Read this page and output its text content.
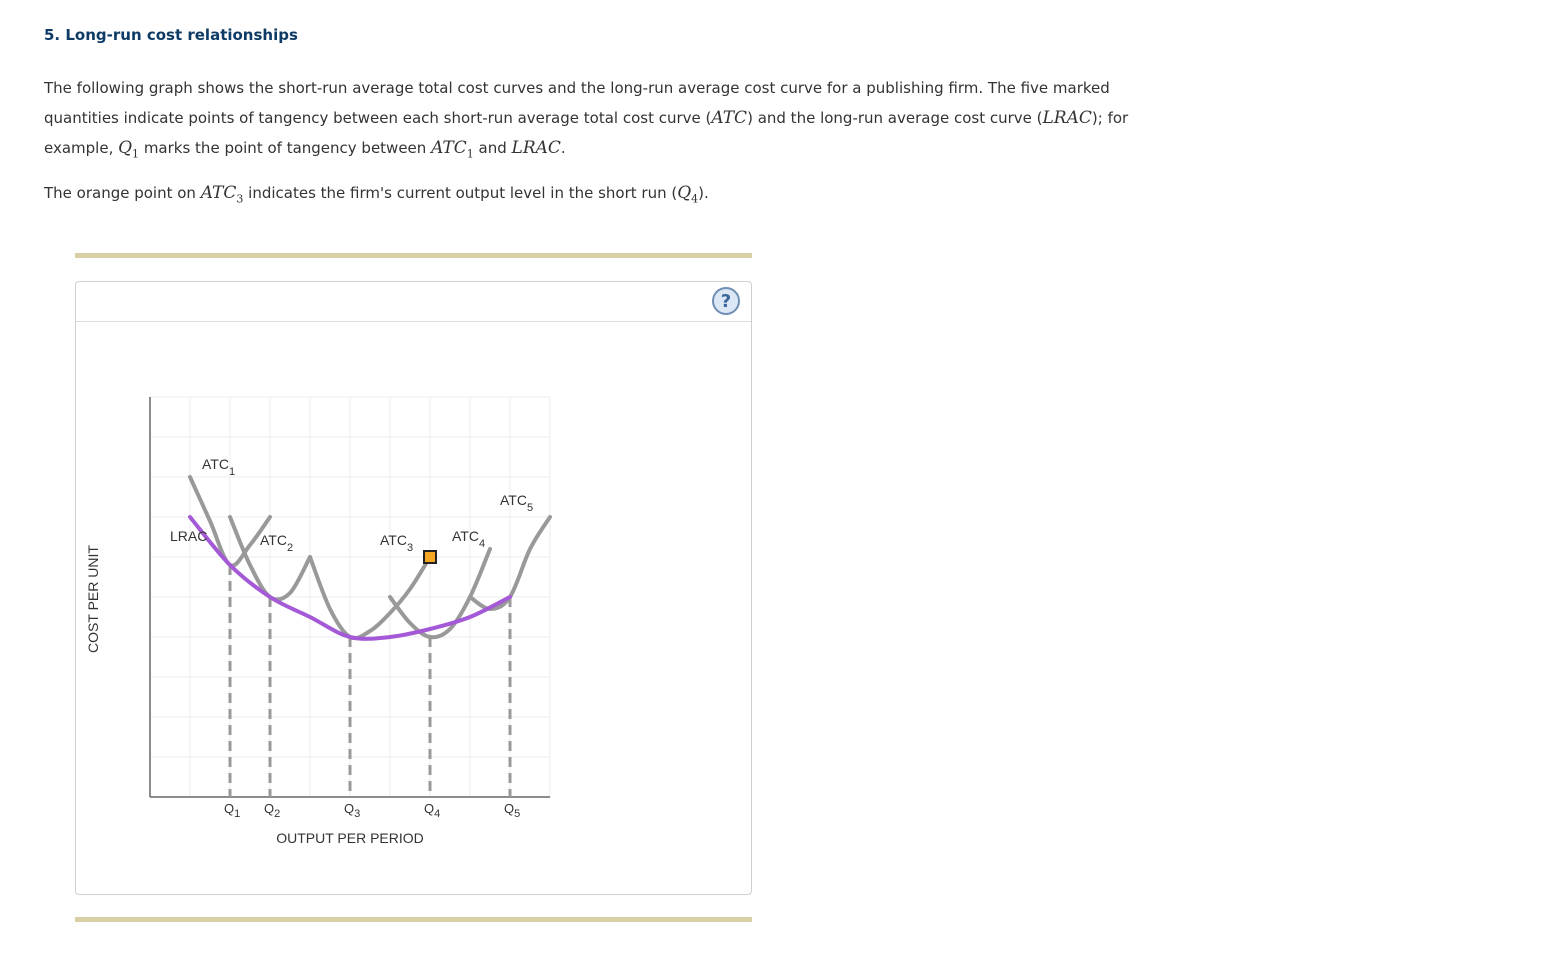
5. Long-run cost relationships

The following graph shows the short-run average total cost curves and the long-run average cost curve for a publishing firm. The five marked quantities indicate points of tangency between each short-run average total cost curve (ATC) and the long-run average cost curve (LRAC); for example, $Q_1$ marks the point of tangency between $ATC_1$ and LRAC.

The orange point on $ATC_3$ indicates the firm's current output level in the short run $(Q_4)$.

?
OUTPUT PER PERIOD
COST PER UNIT
$Q_1$ $Q_2$	$Q_3$	$Q_4$	$Q_5$
LRAC
$ATC_1$
$ATC_2$	$ATC_3$
$ATC_4$
$ATC_5$
